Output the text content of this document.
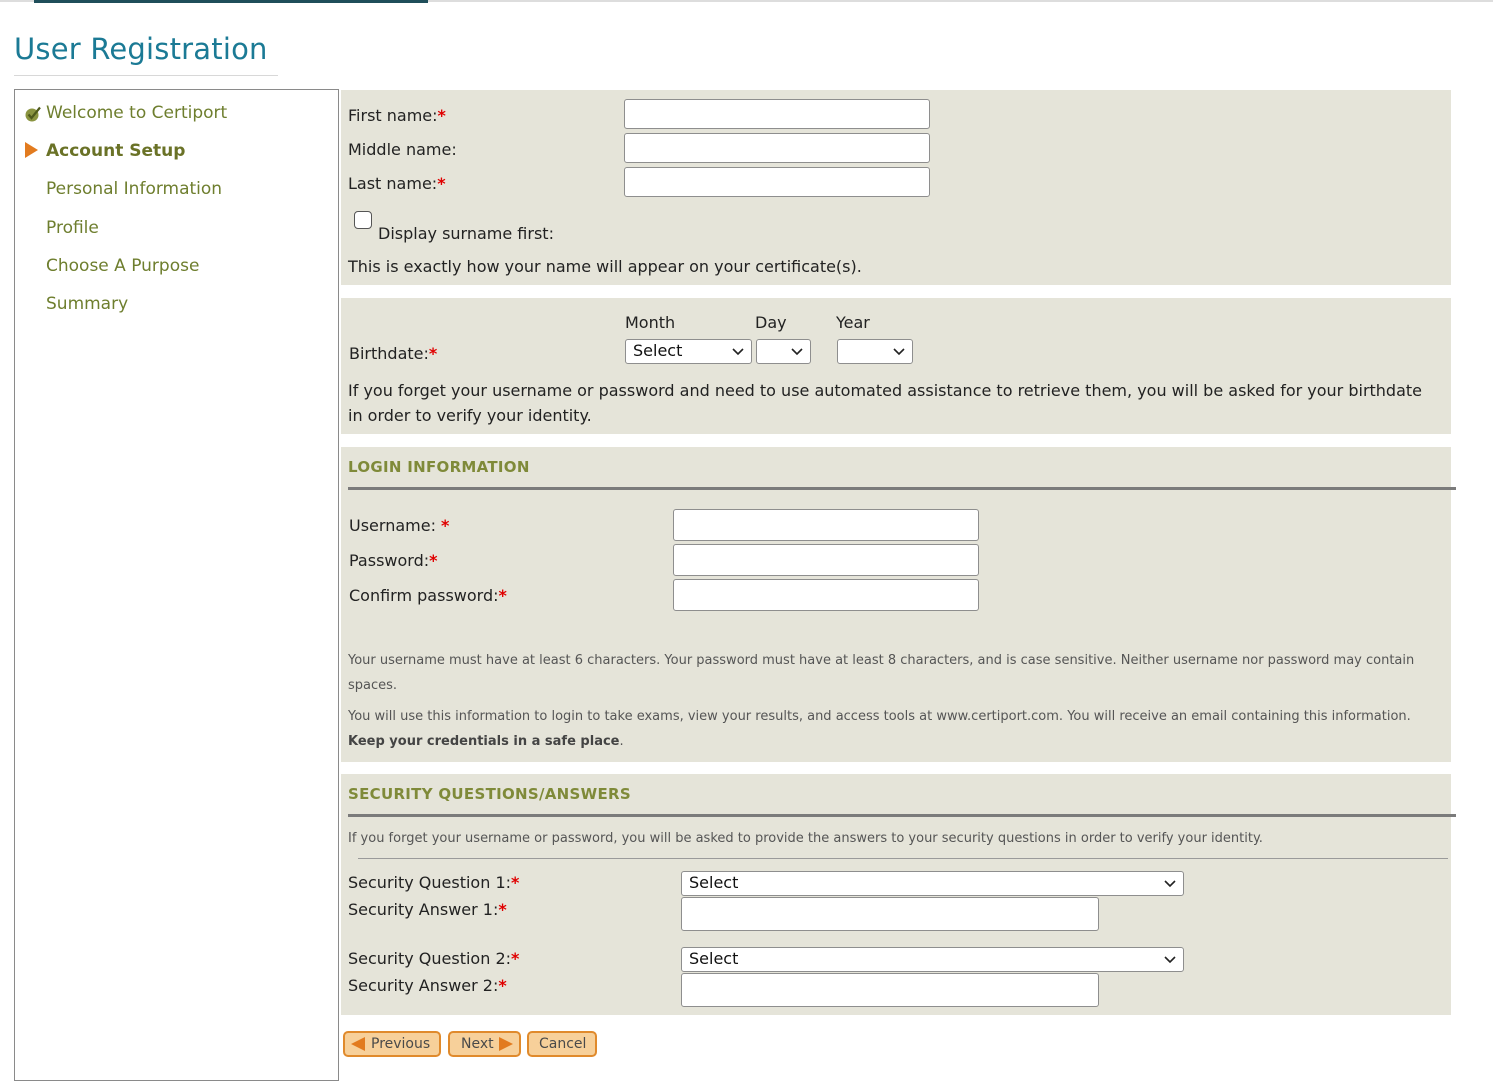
User Registration
Welcome to Certiport
Account Setup
Personal Information
Profile
Choose A Purpose
Summary
First name:*
Middle name:
Last name:*
Display surname first:
This is exactly how your name will appear on your certificate(s).
Month	Day	Year
Birthdate:*	Select
If you forget your username or password and need to use automated assistance to retrieve them, you will be asked for your birthdate in order to verify your identity.
LOGIN INFORMATION
Username: *
Password:*
Confirm password:*
Your username must have at least 6 characters. Your password must have at least 8 characters, and is case sensitive. Neither username nor password may contain spaces.
You will use this information to login to take exams, view your results, and access tools at www.certiport.com. You will receive an email containing this information. Keep your credentials in a safe place.
SECURITY QUESTIONS/ANSWERS
If you forget your username or password, you will be asked to provide the answers to your security questions in order to verify your identity.
Security Question 1:*	Select
Security Answer 1:*
Security Question 2:*	Select
Security Answer 2:*
Previous Next	Cancel
